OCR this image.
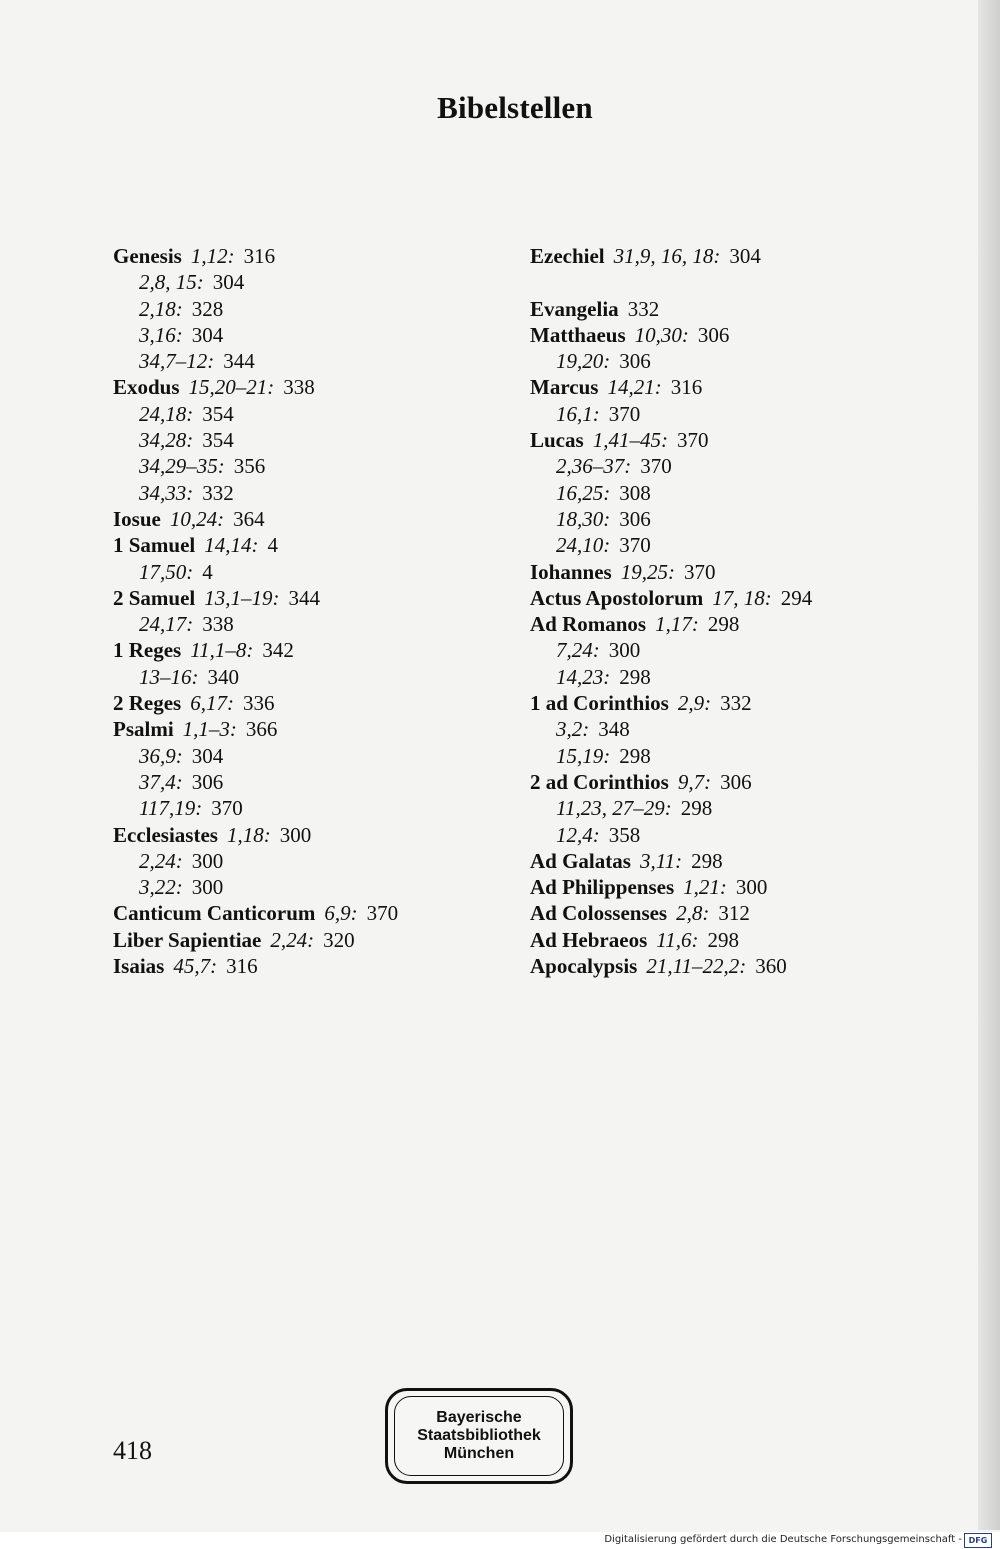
Bibelstellen
Genesis 1,12: 316
2,8, 15: 304
2,18: 328
3,16: 304
34,7–12: 344
Exodus 15,20–21: 338
24,18: 354
34,28: 354
34,29–35: 356
34,33: 332
Iosue 10,24: 364
1 Samuel 14,14: 4
17,50: 4
2 Samuel 13,1–19: 344
24,17: 338
1 Reges 11,1–8: 342
13–16: 340
2 Reges 6,17: 336
Psalmi 1,1–3: 366
36,9: 304
37,4: 306
117,19: 370
Ecclesiastes 1,18: 300
2,24: 300
3,22: 300
Canticum Canticorum 6,9: 370
Liber Sapientiae 2,24: 320
Isaias 45,7: 316
Ezechiel 31,9, 16, 18: 304
Evangelia 332
Matthaeus 10,30: 306
19,20: 306
Marcus 14,21: 316
16,1: 370
Lucas 1,41–45: 370
2,36–37: 370
16,25: 308
18,30: 306
24,10: 370
Iohannes 19,25: 370
Actus Apostolorum 17, 18: 294
Ad Romanos 1,17: 298
7,24: 300
14,23: 298
1 ad Corinthios 2,9: 332
3,2: 348
15,19: 298
2 ad Corinthios 9,7: 306
11,23, 27–29: 298
12,4: 358
Ad Galatas 3,11: 298
Ad Philippenses 1,21: 300
Ad Colossenses 2,8: 312
Ad Hebraeos 11,6: 298
Apocalypsis 21,11–22,2: 360
418
Bayerische
Staatsbibliothek
München
Digitalisierung gefördert durch die Deutsche Forschungsgemeinschaft - DFG
